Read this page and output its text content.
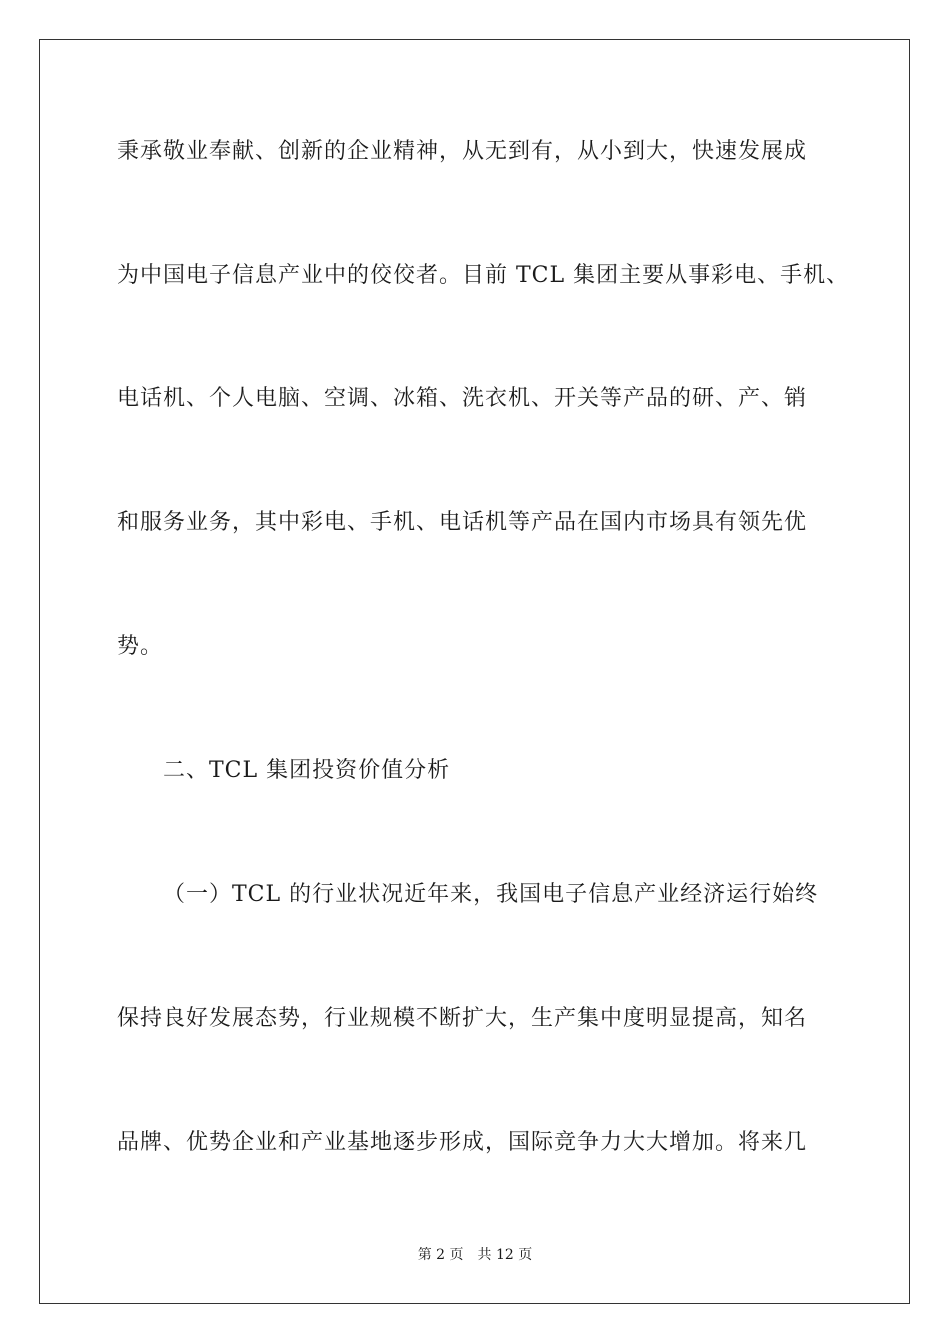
秉承敬业奉献、创新的企业精神，从无到有，从小到大，快速发展成
为中国电子信息产业中的佼佼者。目前 TCL 集团主要从事彩电、手机、
电话机、个人电脑、空调、冰箱、洗衣机、开关等产品的研、产、销
和服务业务，其中彩电、手机、电话机等产品在国内市场具有领先优
势。
二、TCL 集团投资价值分析
（一）TCL 的行业状况近年来，我国电子信息产业经济运行始终
保持良好发展态势，行业规模不断扩大，生产集中度明显提高，知名
品牌、优势企业和产业基地逐步形成，国际竞争力大大增加。将来几
第 2 页 共 12 页
